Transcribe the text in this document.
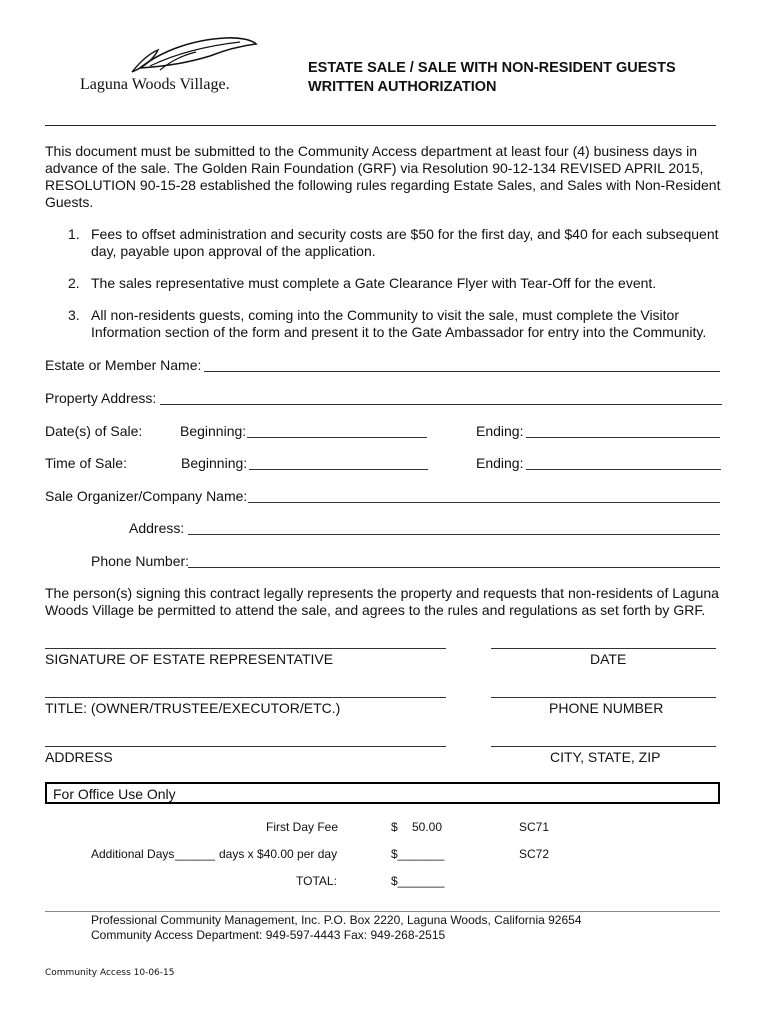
Laguna Woods Village.
ESTATE SALE / SALE WITH NON-RESIDENT GUESTS
WRITTEN AUTHORIZATION
This document must be submitted to the Community Access department at least four (4) business days in
advance of the sale. The Golden Rain Foundation (GRF) via Resolution 90-12-134 REVISED APRIL 2015,
RESOLUTION 90-15-28 established the following rules regarding Estate Sales, and Sales with Non-Resident
Guests.
1. Fees to offset administration and security costs are $50 for the first day, and $40 for each subsequent
day, payable upon approval of the application.
2. The sales representative must complete a Gate Clearance Flyer with Tear-Off for the event.
3. All non-residents guests, coming into the Community to visit the sale, must complete the Visitor
Information section of the form and present it to the Gate Ambassador for entry into the Community.
Estate or Member Name:
Property Address:
Date(s) of Sale:	Beginning:	Ending:
Time of Sale:	Beginning:	Ending:
Sale Organizer/Company Name:
Address:
Phone Number:
The person(s) signing this contract legally represents the property and requests that non-residents of Laguna
Woods Village be permitted to attend the sale, and agrees to the rules and regulations as set forth by GRF.
SIGNATURE OF ESTATE REPRESENTATIVE	DATE
TITLE: (OWNER/TRUSTEE/EXECUTOR/ETC.)	PHONE NUMBER
ADDRESS	CITY, STATE, ZIP
For Office Use Only
First Day Fee	$ 50.00	SC71
Additional Days ______ days x $40.00 per day	$_______	SC72
TOTAL:	$_______
Professional Community Management, Inc. P.O. Box 2220, Laguna Woods, California 92654
Community Access Department: 949-597-4443 Fax: 949-268-2515
Community Access 10-06-15
